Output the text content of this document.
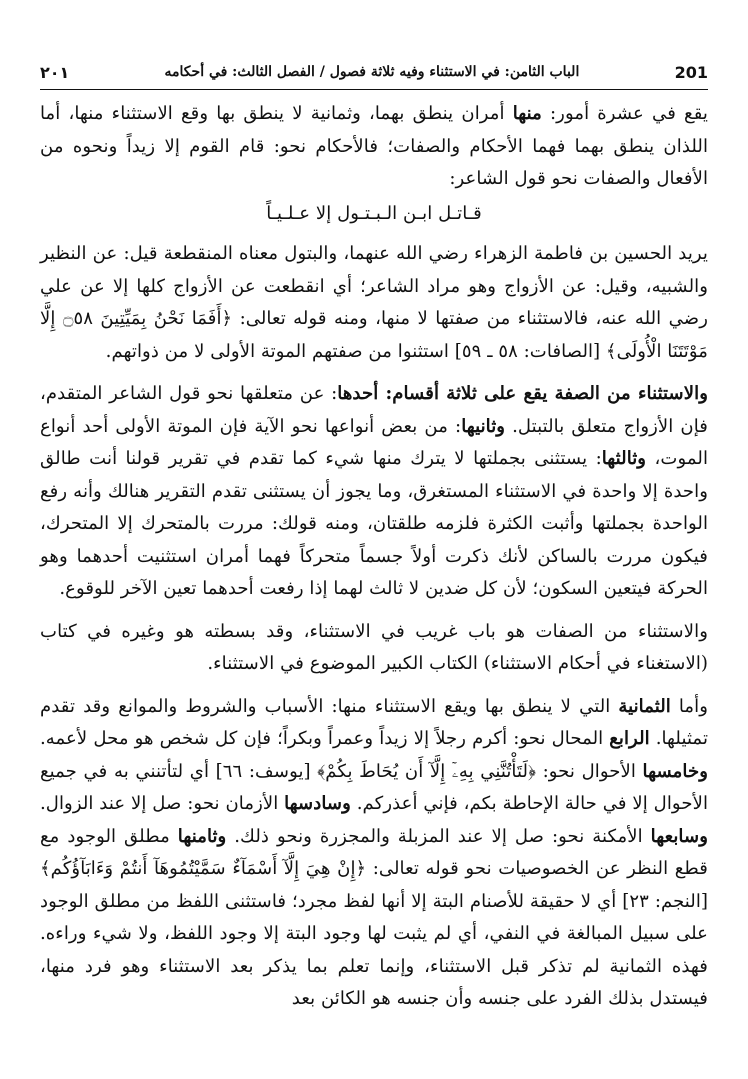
٢٠١	الباب الثامن: في الاستثناء وفيه ثلاثة فصول / الفصل الثالث: في أحكامه	201

يقع في عشرة أمور: منها أمران ينطق بهما، وثمانية لا ينطق بها وقع الاستثناء منها، أما اللذان ينطق بهما فهما الأحكام والصفات؛ فالأحكام نحو: قام القوم إلا زيداً ونحوه من الأفعال والصفات نحو قول الشاعر:

قـاتـل ابـن الـبـتـول إلا عـلـيـاً

يريد الحسين بن فاطمة الزهراء رضي الله عنهما، والبتول معناه المنقطعة قيل: عن النظير والشبيه، وقيل: عن الأزواج وهو مراد الشاعر؛ أي انقطعت عن الأزواج كلها إلا عن علي رضي الله عنه، فالاستثناء من صفتها لا منها، ومنه قوله تعالى: ﴿أَفَمَا نَحْنُ بِمَيِّتِينَ ۝٥٨ إِلَّا مَوْتَتَنَا الْأُولَى﴾ [الصافات: ٥٨ ـ ٥٩] استثنوا من صفتهم الموتة الأولى لا من ذواتهم.

والاستثناء من الصفة يقع على ثلاثة أقسام: أحدها: عن متعلقها نحو قول الشاعر المتقدم، فإن الأزواج متعلق بالتبتل. وثانيها: من بعض أنواعها نحو الآية فإن الموتة الأولى أحد أنواع الموت، وثالثها: يستثنى بجملتها لا يترك منها شيء كما تقدم في تقرير قولنا أنت طالق واحدة إلا واحدة في الاستثناء المستغرق، وما يجوز أن يستثنى تقدم التقرير هنالك وأنه رفع الواحدة بجملتها وأثبت الكثرة فلزمه طلقتان، ومنه قولك: مررت بالمتحرك إلا المتحرك، فيكون مررت بالساكن لأنك ذكرت أولاً جسماً متحركاً فهما أمران استثنيت أحدهما وهو الحركة فيتعين السكون؛ لأن كل ضدين لا ثالث لهما إذا رفعت أحدهما تعين الآخر للوقوع.

والاستثناء من الصفات هو باب غريب في الاستثناء، وقد بسطته هو وغيره في كتاب (الاستغناء في أحكام الاستثناء) الكتاب الكبير الموضوع في الاستثناء.

وأما الثمانية التي لا ينطق بها ويقع الاستثناء منها: الأسباب والشروط والموانع وقد تقدم تمثيلها. الرابع المحال نحو: أكرم رجلاً إلا زيداً وعمراً وبكراً؛ فإن كل شخص هو محل لأعمه. وخامسها الأحوال نحو: ﴿لَتَأْتُنَّنِي بِهِۦٓ إِلَّآ أَن يُحَاطَ بِكُمْ﴾ [يوسف: ٦٦] أي لتأتنني به في جميع الأحوال إلا في حالة الإحاطة بكم، فإني أعذركم. وسادسها الأزمان نحو: صل إلا عند الزوال. وسابعها الأمكنة نحو: صل إلا عند المزبلة والمجزرة ونحو ذلك. وثامنها مطلق الوجود مع قطع النظر عن الخصوصيات نحو قوله تعالى: ﴿إِنْ هِيَ إِلَّآ أَسْمَآءٌ سَمَّيْتُمُوهَآ أَنتُمْ وَءَابَآؤُكُم﴾ [النجم: ٢٣] أي لا حقيقة للأصنام البتة إلا أنها لفظ مجرد؛ فاستثنى اللفظ من مطلق الوجود على سبيل المبالغة في النفي، أي لم يثبت لها وجود البتة إلا وجود اللفظ، ولا شيء وراءه. فهذه الثمانية لم تذكر قبل الاستثناء، وإنما تعلم بما يذكر بعد الاستثناء وهو فرد منها، فيستدل بذلك الفرد على جنسه وأن جنسه هو الكائن بعد
